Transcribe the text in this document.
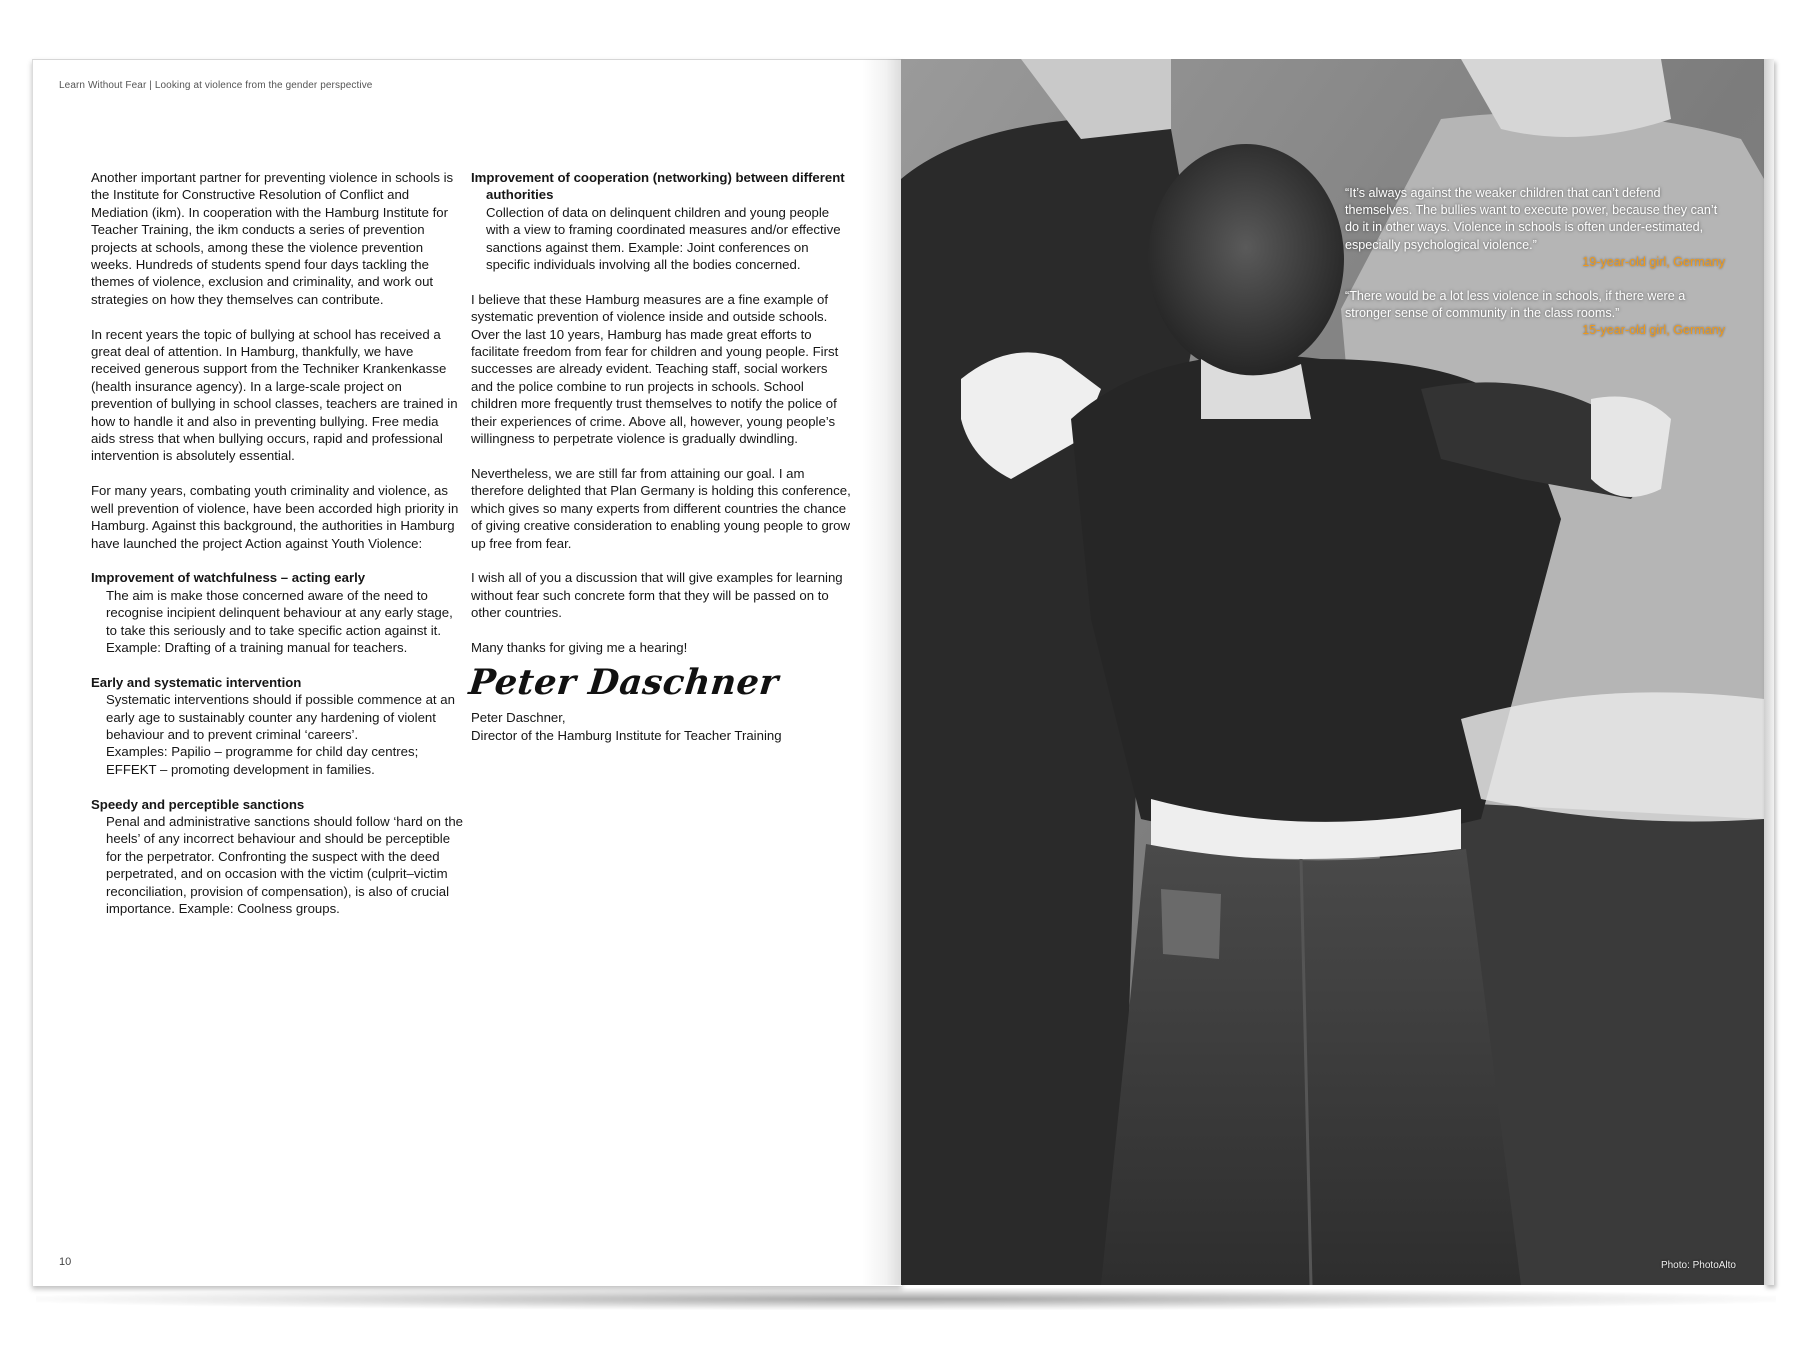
Learn Without Fear | Looking at violence from the gender perspective

Another important partner for preventing violence in schools is the Institute for Constructive Resolution of Conflict and Mediation (ikm). In cooperation with the Hamburg Institute for Teacher Training, the ikm conducts a series of prevention projects at schools, among these the violence prevention weeks. Hundreds of students spend four days tackling the themes of violence, exclusion and criminality, and work out strategies on how they themselves can contribute.

In recent years the topic of bullying at school has received a great deal of attention. In Hamburg, thankfully, we have received generous support from the Techniker Krankenkasse (health insurance agency). In a large-scale project on prevention of bullying in school classes, teachers are trained in how to handle it and also in preventing bullying. Free media aids stress that when bullying occurs, rapid and professional intervention is absolutely essential.

For many years, combating youth criminality and violence, as well prevention of violence, have been accorded high priority in Hamburg. Against this background, the authorities in Hamburg have launched the project Action against Youth Violence:

Improvement of watchfulness – acting early

The aim is make those concerned aware of the need to recognise incipient delinquent behaviour at any early stage, to take this seriously and to take specific action against it. Example: Drafting of a training manual for teachers.

Early and systematic intervention

Systematic interventions should if possible commence at an early age to sustainably counter any hardening of violent behaviour and to prevent criminal ‘careers’.

Examples: Papilio – programme for child day centres;

EFFEKT – promoting development in families.

Speedy and perceptible sanctions

Penal and administrative sanctions should follow ‘hard on the heels’ of any incorrect behaviour and should be perceptible for the perpetrator. Confronting the suspect with the deed perpetrated, and on occasion with the victim (culprit–victim reconciliation, provision of compensation), is also of crucial importance. Example: Coolness groups.

Improvement of cooperation (networking) between different authorities

Collection of data on delinquent children and young people with a view to framing coordinated measures and/or effective sanctions against them. Example: Joint conferences on specific individuals involving all the bodies concerned.

I believe that these Hamburg measures are a fine example of systematic prevention of violence inside and outside schools. Over the last 10 years, Hamburg has made great efforts to facilitate freedom from fear for children and young people. First successes are already evident. Teaching staff, social workers and the police combine to run projects in schools. School children more frequently trust themselves to notify the police of their experiences of crime. Above all, however, young people’s willingness to perpetrate violence is gradually dwindling.

Nevertheless, we are still far from attaining our goal. I am therefore delighted that Plan Germany is holding this conference, which gives so many experts from different countries the chance of giving creative consideration to enabling young people to grow up free from fear.

I wish all of you a discussion that will give examples for learning without fear such concrete form that they will be passed on to other countries.

Many thanks for giving me a hearing!

Peter Daschner

Peter Daschner,

Director of the Hamburg Institute for Teacher Training

10

“It’s always against the weaker children that can’t defend themselves. The bullies want to execute power, because they can’t do it in other ways. Violence in schools is often under-estimated, especially psychological violence.”

19-year-old girl, Germany

“There would be a lot less violence in schools, if there were a stronger sense of community in the class rooms.”

15-year-old girl, Germany

Photo: PhotoAlto
